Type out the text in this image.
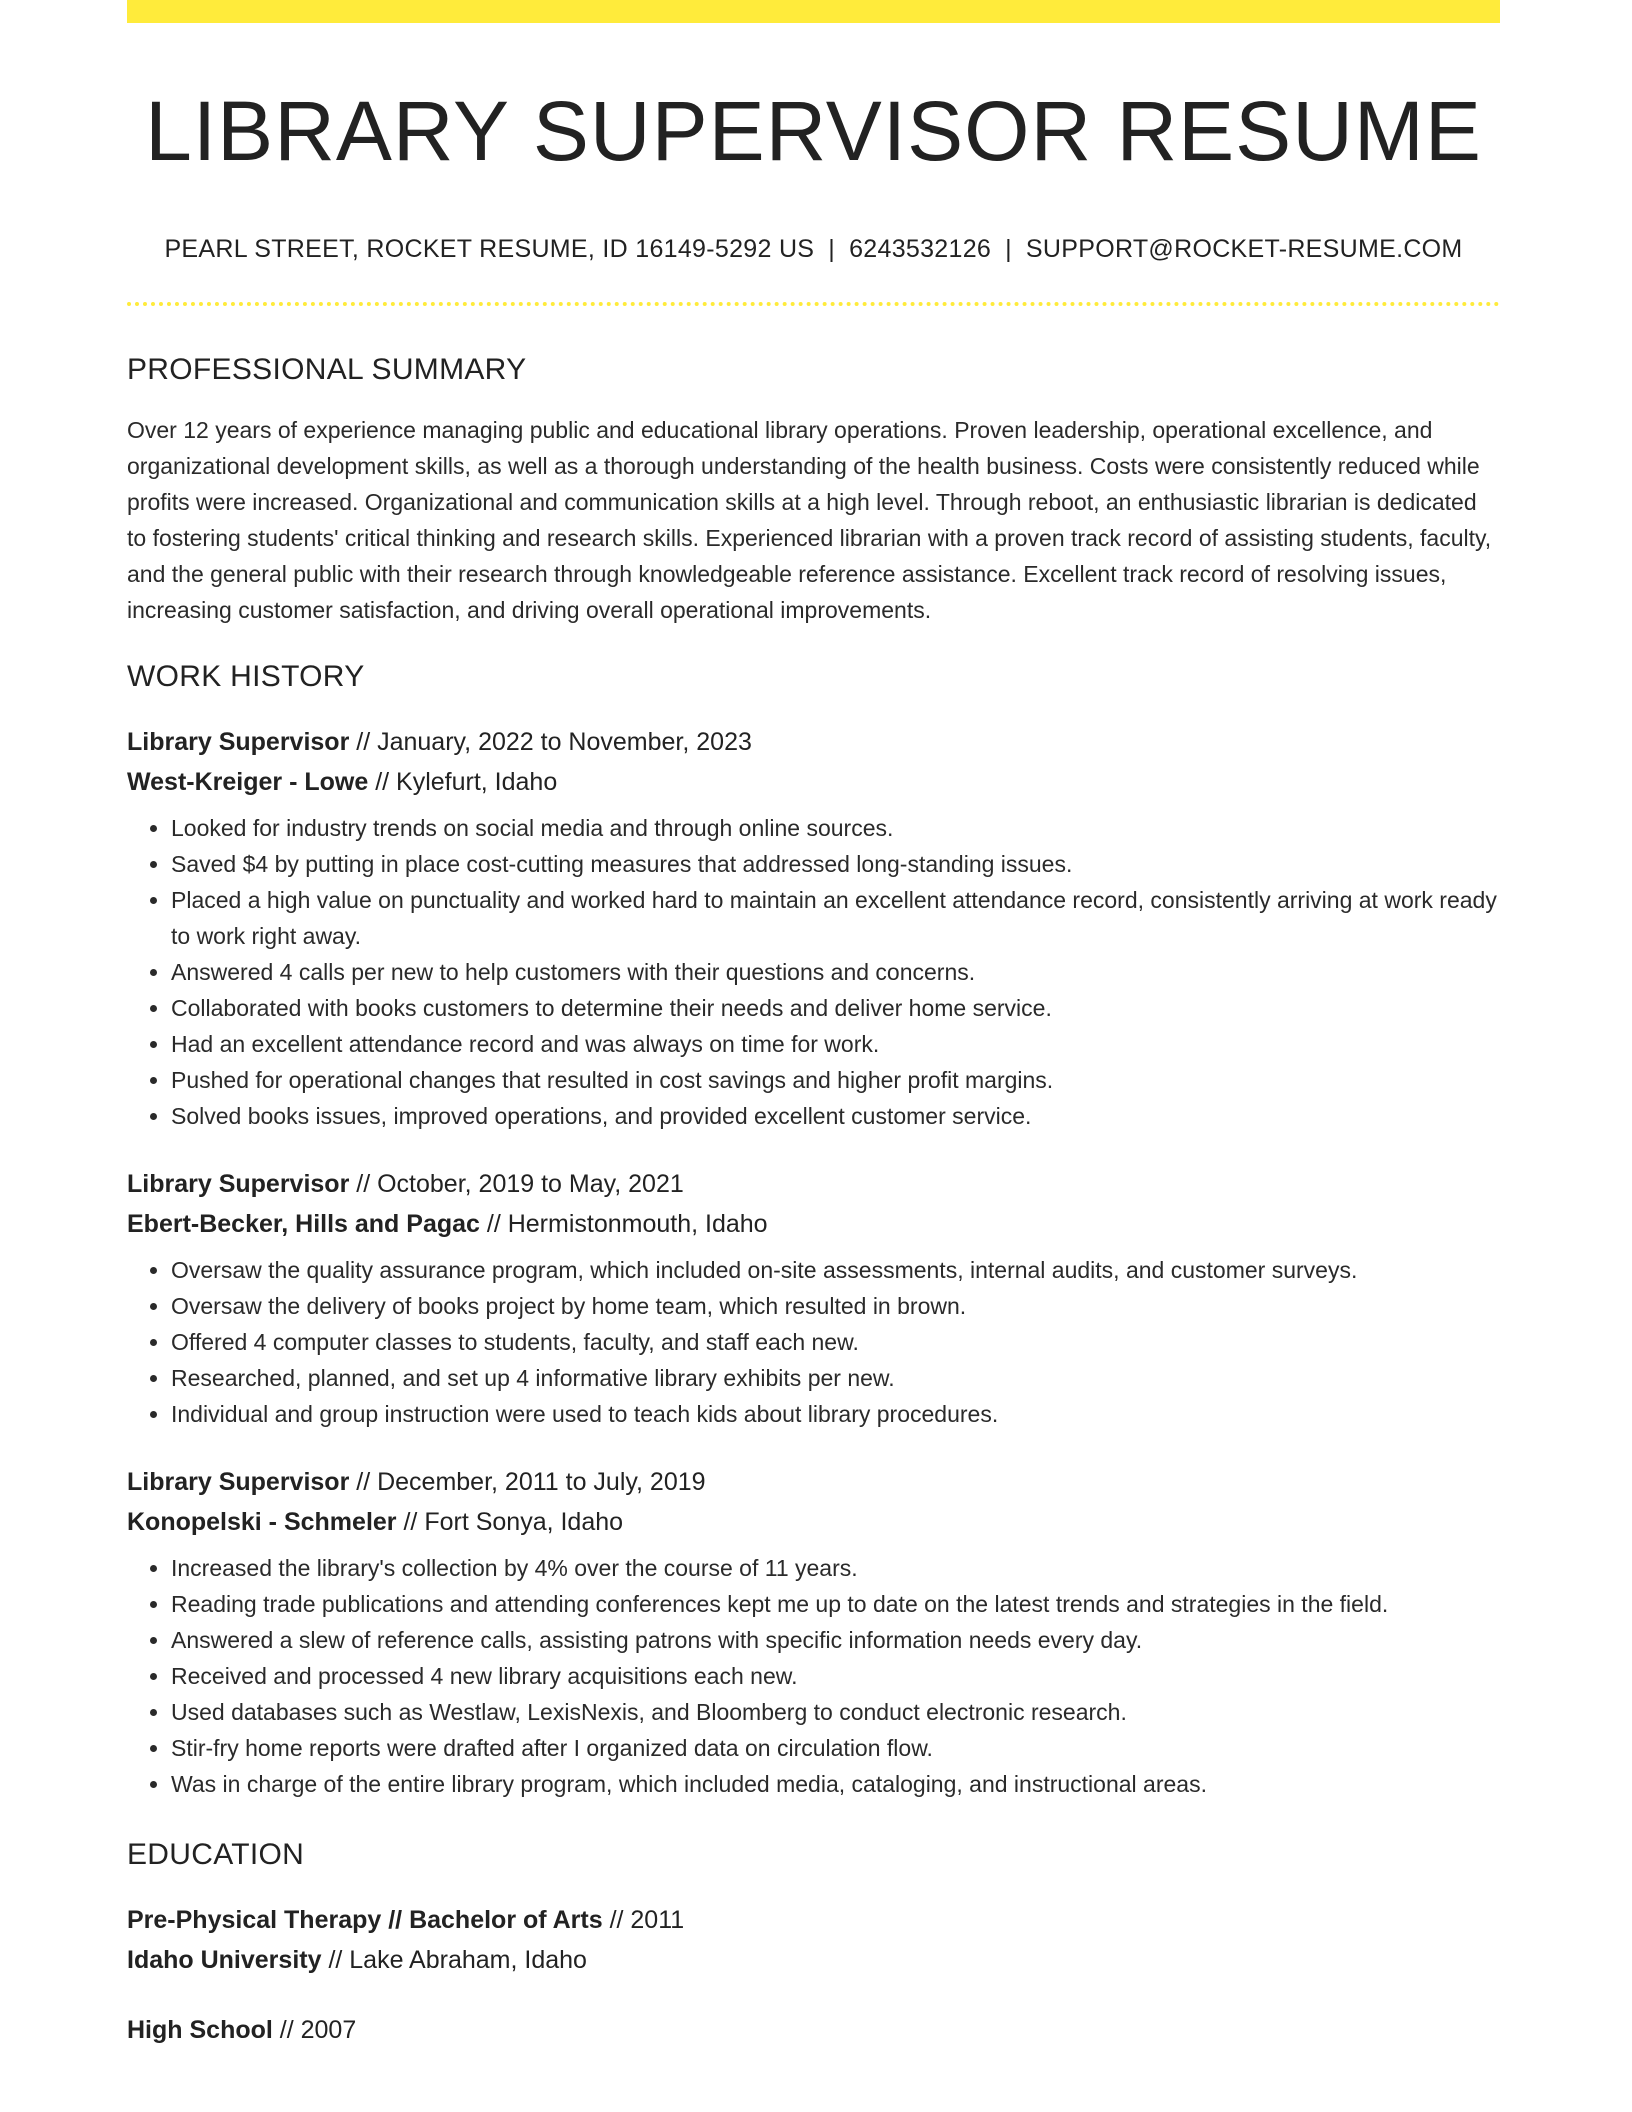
LIBRARY SUPERVISOR RESUME
PEARL STREET, ROCKET RESUME, ID 16149-5292 US | 6243532126 | SUPPORT@ROCKET-RESUME.COM
PROFESSIONAL SUMMARY

Over 12 years of experience managing public and educational library operations. Proven leadership, operational excellence, and organizational development skills, as well as a thorough understanding of the health business. Costs were consistently reduced while profits were increased. Organizational and communication skills at a high level. Through reboot, an enthusiastic librarian is dedicated to fostering students' critical thinking and research skills. Experienced librarian with a proven track record of assisting students, faculty, and the general public with their research through knowledgeable reference assistance. Excellent track record of resolving issues, increasing customer satisfaction, and driving overall operational improvements.

WORK HISTORY
Library Supervisor // January, 2022 to November, 2023
West-Kreiger - Lowe // Kylefurt, Idaho
• Looked for industry trends on social media and through online sources.
• Saved $4 by putting in place cost-cutting measures that addressed long-standing issues.
• Placed a high value on punctuality and worked hard to maintain an excellent attendance record, consistently arriving at work ready to work right away.
• Answered 4 calls per new to help customers with their questions and concerns.
• Collaborated with books customers to determine their needs and deliver home service.
• Had an excellent attendance record and was always on time for work.
• Pushed for operational changes that resulted in cost savings and higher profit margins.
• Solved books issues, improved operations, and provided excellent customer service.
Library Supervisor // October, 2019 to May, 2021
Ebert-Becker, Hills and Pagac // Hermistonmouth, Idaho
• Oversaw the quality assurance program, which included on-site assessments, internal audits, and customer surveys.
• Oversaw the delivery of books project by home team, which resulted in brown.
• Offered 4 computer classes to students, faculty, and staff each new.
• Researched, planned, and set up 4 informative library exhibits per new.
• Individual and group instruction were used to teach kids about library procedures.
Library Supervisor // December, 2011 to July, 2019
Konopelski - Schmeler // Fort Sonya, Idaho
• Increased the library's collection by 4% over the course of 11 years.
• Reading trade publications and attending conferences kept me up to date on the latest trends and strategies in the field.
• Answered a slew of reference calls, assisting patrons with specific information needs every day.
• Received and processed 4 new library acquisitions each new.
• Used databases such as Westlaw, LexisNexis, and Bloomberg to conduct electronic research.
• Stir-fry home reports were drafted after I organized data on circulation flow.
• Was in charge of the entire library program, which included media, cataloging, and instructional areas.
EDUCATION
Pre-Physical Therapy // Bachelor of Arts // 2011
Idaho University // Lake Abraham, Idaho
High School // 2007
